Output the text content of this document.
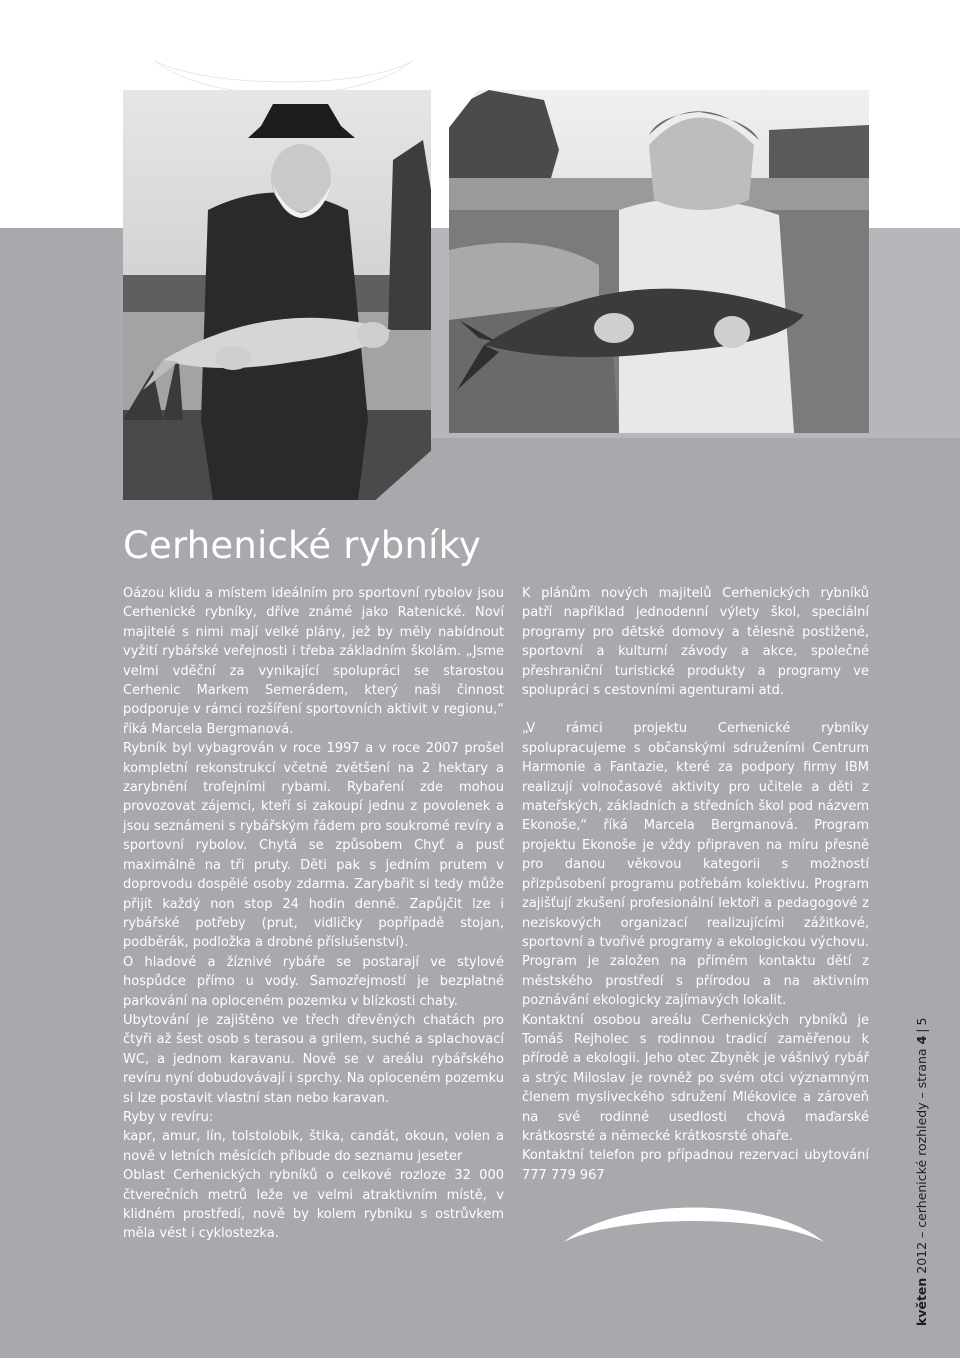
Cerhenické rybníky

Oázou klidu a místem ideálním pro sportovní rybolov jsou Cerhenické rybníky, dříve známé jako Ratenické. Noví majitelé s nimi mají velké plány, jež by měly nabídnout vyžití rybářské veřejnosti i třeba základním školám. „Jsme velmi vděční za vynikající spolupráci se starostou Cerhenic Markem Semerádem, který naši činnost podporuje v rámci rozšíření sportovních aktivit v regionu,“ říká Marcela Bergmanová.

Rybník byl vybagrován v roce 1997 a v roce 2007 prošel kompletní rekonstrukcí včetně zvětšení na 2 hektary a zarybnění trofejními rybami. Rybaření zde mohou provozovat zájemci, kteří si zakoupí jednu z povolenek a jsou seznámeni s rybářským řádem pro soukromé revíry a sportovní rybolov. Chytá se způsobem Chyť a pusť maximálně na tři pruty. Děti pak s jedním prutem v doprovodu dospělé osoby zdarma. Zarybařit si tedy může přijít každý non stop 24 hodin denně. Zapůjčit lze i rybářské potřeby (prut, vidličky popřípadě stojan, podběrák, podložka a drobné příslušenství).

O hladové a žíznivé rybáře se postarají ve stylové hospůdce přímo u vody. Samozřejmostí je bezplatné parkování na oploceném pozemku v blízkosti chaty.

Ubytování je zajištěno ve třech dřevěných chatách pro čtyři až šest osob s terasou a grilem, suché a splachovací WC, a jednom karavanu. Nově se v areálu rybářského revíru nyní dobudovávají i sprchy. Na oploceném pozemku si lze postavit vlastní stan nebo karavan.

Ryby v revíru:

kapr, amur, lín, tolstolobik, štika, candát, okoun, volen a nově v letních měsících přibude do seznamu jeseter

Oblast Cerhenických rybníků o celkové rozloze 32 000 čtverečních metrů leže ve velmi atraktivním místě, v klidném prostředí, nově by kolem rybníku s ostrůvkem měla vést i cyklostezka.

K plánům nových majitelů Cerhenických rybníků patří například jednodenní výlety škol, speciální programy pro dětské domovy a tělesně postižené, sportovní a kulturní závody a akce, společné přeshraniční turistické produkty a programy ve spolupráci s cestovními agenturami atd.

„V rámci projektu Cerhenické rybníky spolupracujeme s občanskými sdruženími Centrum Harmonie a Fantazie, které za podpory firmy IBM realizují volnočasové aktivity pro učitele a děti z mateřských, základních a středních škol pod názvem Ekonoše,“ říká Marcela Bergmanová. Program projektu Ekonoše je vždy připraven na míru přesně pro danou věkovou kategorii s možností přizpůsobení programu potřebám kolektivu. Program zajišťují zkušení profesionální lektoři a pedagogové z neziskových organizací realizujícími zážitkové, sportovní a tvořivé programy a ekologickou výchovu. Program je založen na přímém kontaktu dětí z městského prostředí s přírodou a na aktivním poznávání ekologicky zajímavých lokalit.

Kontaktní osobou areálu Cerhenických rybníků je Tomáš Rejholec s rodinnou tradicí zaměřenou k přírodě a ekologii. Jeho otec Zbyněk je vášnivý rybář a strýc Miloslav je rovněž po svém otci významným členem mysliveckého sdružení Mlékovice a zároveň na své rodinné usedlosti chová maďarské krátkosrsté a německé krátkosrsté ohaře.

Kontaktní telefon pro případnou rezervaci ubytování 777 779 967

květen 2012 – cerhenické rozhledy – strana 4|5
